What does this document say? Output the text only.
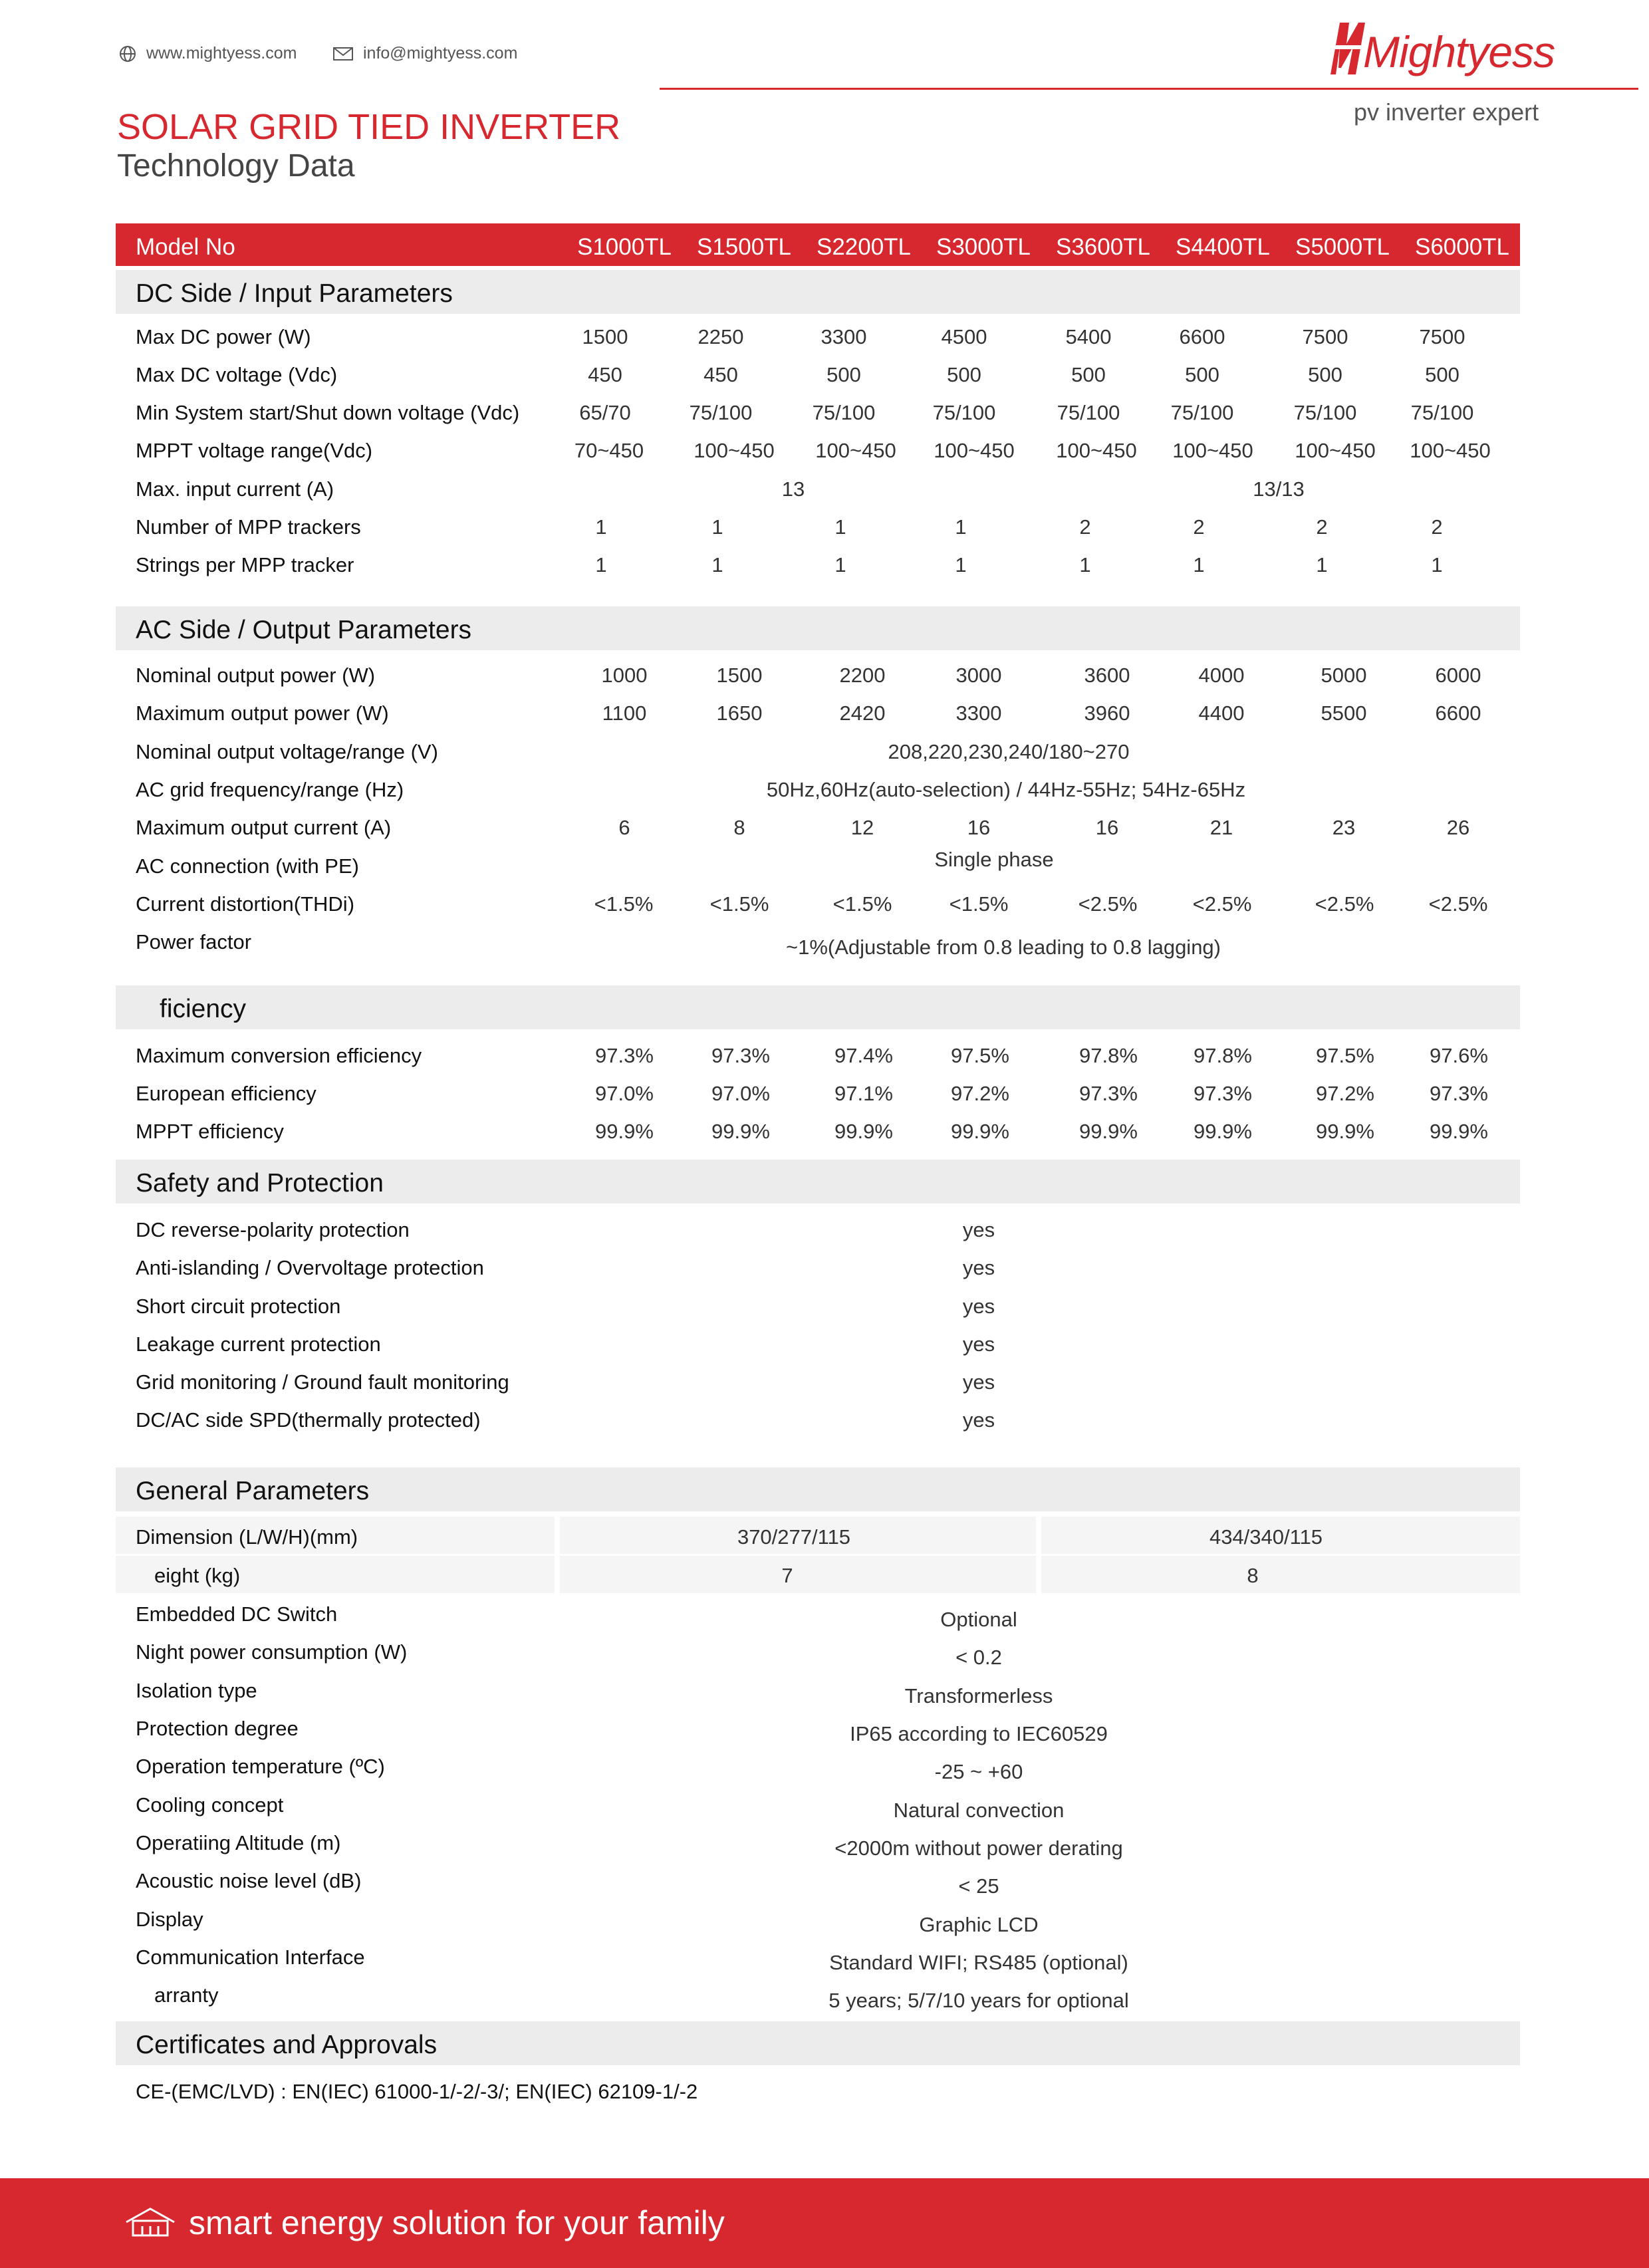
www.mightyess.com	info@mightyess.com	Mightyess
pv inverter expert
SOLAR GRID TIED INVERTER
Technology Data
Model No	S1000TL S1500TL S2200TL S3000TL S3600TL S4400TL S5000TL S6000TL
DC Side / Input Parameters
Max DC power (W)	1500	2250	3300	4500	5400	6600	7500	7500
Max DC voltage (Vdc)	450	450	500	500	500	500	500	500
Min System start/Shut down voltage (Vdc)	65/70	75/100	75/100	75/100	75/100 75/100	75/100	75/100
MPPT voltage range(Vdc)	70~450 100~450 100~450 100~450 100~450 100~450 100~450 100~450
Max. input current (A)	13	13/13
Number of MPP trackers	1	1	1	1	2	2	2	2
Strings per MPP tracker	1	1	1	1	1	1	1	1
AC Side / Output Parameters
Nominal output power (W)	1000	1500	2200	3000	3600	4000	5000	6000
Maximum output power (W)	1100	1650	2420	3300	3960	4400	5500	6600
Nominal output voltage/range (V)	208,220,230,240/180~270
AC grid frequency/range (Hz)	50Hz,60Hz(auto-selection) / 44Hz-55Hz; 54Hz-65Hz
Maximum output current (A)	6	8	12	16	16	21	23	26
AC connection (with PE)	Single phase
Current distortion(THDi)	<1.5%	<1.5%	<1.5%	<1.5%	<2.5%	<2.5%	<2.5%	<2.5%
Power factor	~1%(Adjustable from 0.8 leading to 0.8 lagging)
ficiency
Maximum conversion efficiency	97.3%	97.3%	97.4%	97.5%	97.8%	97.8%	97.5%	97.6%
European efficiency	97.0%	97.0%	97.1%	97.2%	97.3%	97.3%	97.2%	97.3%
MPPT efficiency	99.9%	99.9%	99.9%	99.9%	99.9%	99.9%	99.9%	99.9%
Safety and Protection
DC reverse-polarity protection	yes
Anti-islanding / Overvoltage protection	yes
Short circuit protection	yes
Leakage current protection	yes
Grid monitoring / Ground fault monitoring	yes
DC/AC side SPD(thermally protected)	yes
General Parameters
Dimension (L/W/H)(mm)	370/277/115	434/340/115
eight (kg)	7	8
Embedded DC Switch	Optional
Night power consumption (W)	< 0.2
Isolation type	Transformerless
Protection degree	IP65 according to IEC60529
Operation temperature (ºC)	-25 ~ +60
Cooling concept	Natural convection
Operatiing Altitude (m)	<2000m without power derating
Acoustic noise level (dB)	< 25
Display	Graphic LCD
Communication Interface	Standard WIFI; RS485 (optional)
arranty	5 years; 5/7/10 years for optional
Certificates and Approvals
CE-(EMC/LVD) : EN(IEC) 61000-1/-2/-3/; EN(IEC) 62109-1/-2
smart energy solution for your family
